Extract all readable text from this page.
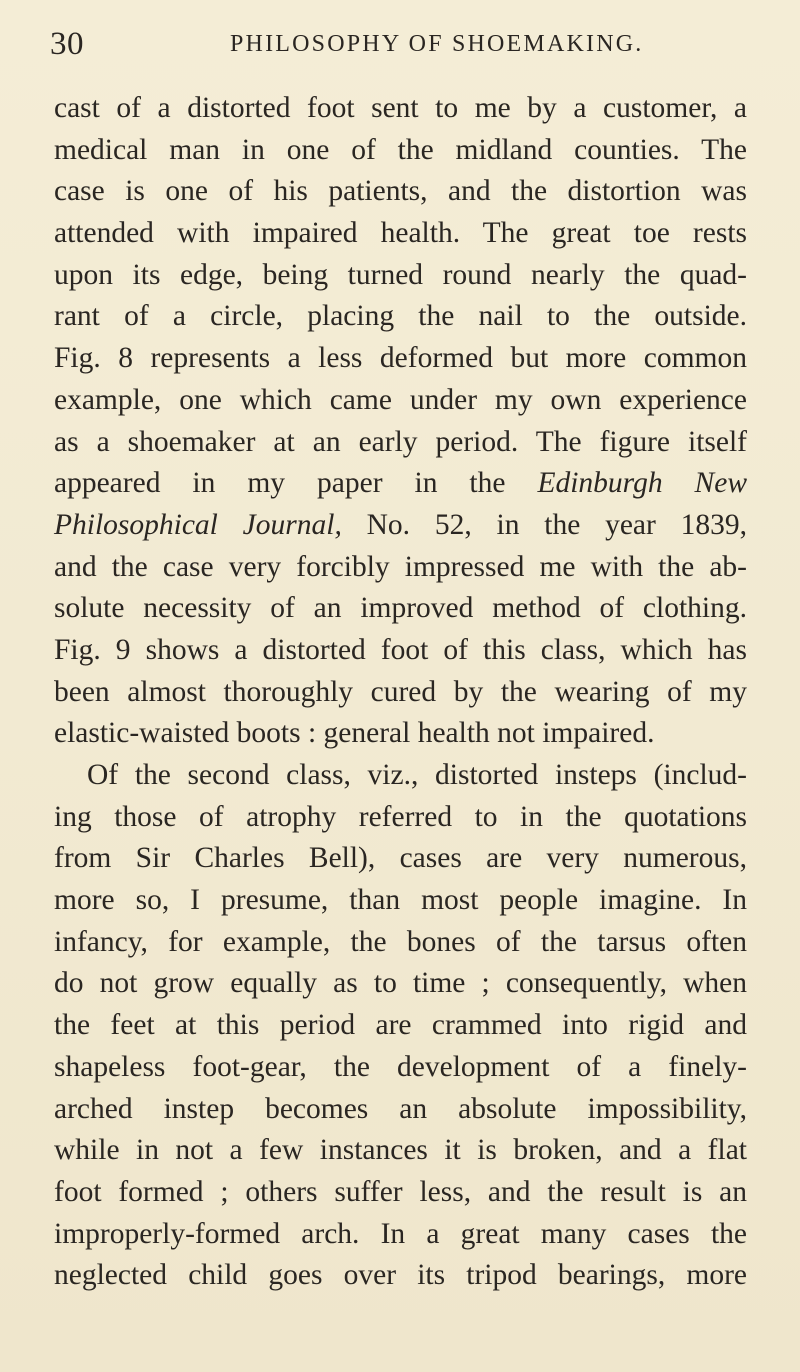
30	PHILOSOPHY OF SHOEMAKING.
cast of a distorted foot sent to me by a customer, a
medical man in one of the midland counties. The
case is one of his patients, and the distortion was
attended with impaired health. The great toe rests
upon its edge, being turned round nearly the quad-
rant of a circle, placing the nail to the outside.
Fig. 8 represents a less deformed but more common
example, one which came under my own experience
as a shoemaker at an early period. The figure itself
appeared in my paper in the Edinburgh New
Philosophical Journal, No. 52, in the year 1839,
and the case very forcibly impressed me with the ab-
solute necessity of an improved method of clothing.
Fig. 9 shows a distorted foot of this class, which has
been almost thoroughly cured by the wearing of my
elastic-waisted boots : general health not impaired.
Of the second class, viz., distorted insteps (includ-
ing those of atrophy referred to in the quotations
from Sir Charles Bell), cases are very numerous,
more so, I presume, than most people imagine. In
infancy, for example, the bones of the tarsus often
do not grow equally as to time ; consequently, when
the feet at this period are crammed into rigid and
shapeless foot-gear, the development of a finely-
arched instep becomes an absolute impossibility,
while in not a few instances it is broken, and a flat
foot formed ; others suffer less, and the result is an
improperly-formed arch. In a great many cases the
neglected child goes over its tripod bearings, more
